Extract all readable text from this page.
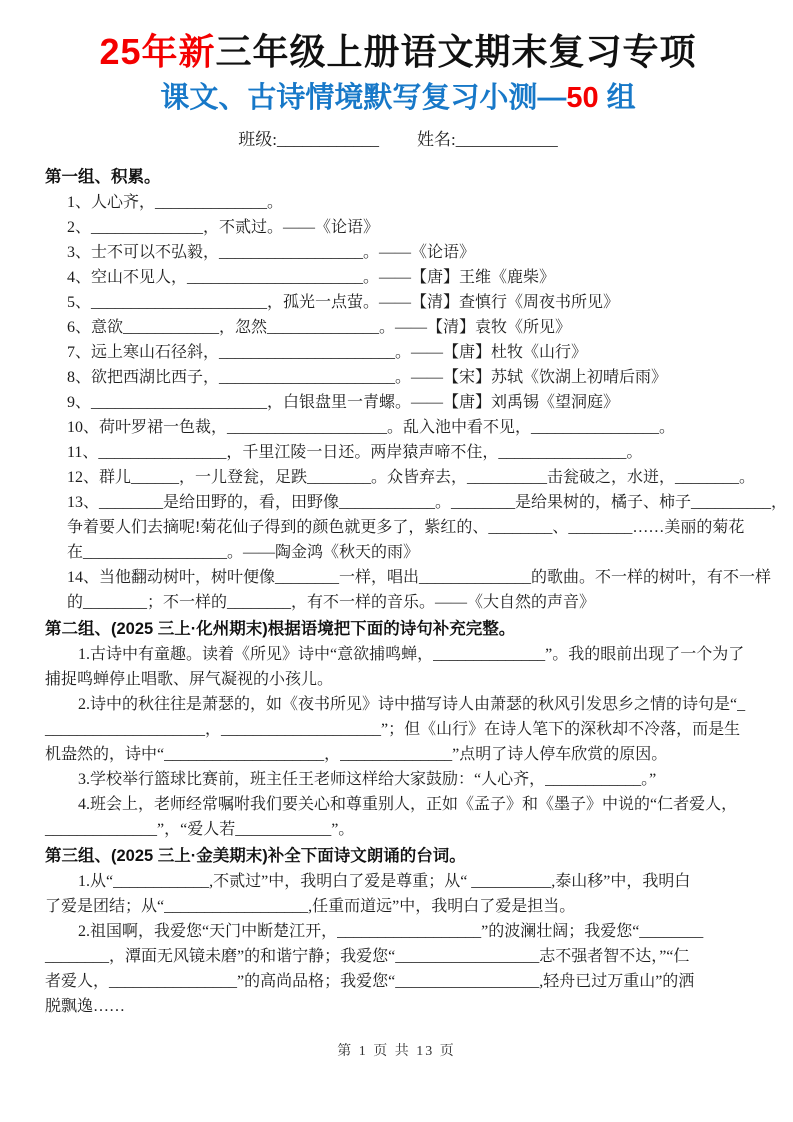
25年新三年级上册语文期末复习专项
课文、古诗情境默写复习小测—50 组
班级:____________ 姓名:____________
第一组、积累。
1、人心齐，______________。
2、______________，不贰过。——《论语》
3、士不可以不弘毅，__________________。——《论语》
4、空山不见人，______________________。——【唐】王维《鹿柴》
5、______________________，孤光一点萤。——【清】查慎行《周夜书所见》
6、意欲____________，忽然______________。——【清】袁牧《所见》
7、远上寒山石径斜，______________________。——【唐】杜牧《山行》
8、欲把西湖比西子，______________________。——【宋】苏轼《饮湖上初晴后雨》
9、______________________，白银盘里一青螺。——【唐】刘禹锡《望洞庭》
10、荷叶罗裙一色裁，____________________。乱入池中看不见，________________。
11、________________，千里江陵一日还。两岸猿声啼不住，________________。
12、群儿______，一儿登瓮，足跌________。众皆弃去，__________击瓮破之，水迸，________。
13、________是给田野的，看，田野像____________。________是给果树的，橘子、柿子__________，
争着要人们去摘呢!菊花仙子得到的颜色就更多了，紫红的、________、________……美丽的菊花
在__________________。——陶金鸿《秋天的雨》
14、当他翻动树叶，树叶便像________一样，唱出______________的歌曲。不一样的树叶，有不一样
的________；不一样的________，有不一样的音乐。——《大自然的声音》
第二组、(2025 三上·化州期末)根据语境把下面的诗句补充完整。
1.古诗中有童趣。读着《所见》诗中“意欲捕鸣蝉，______________”。我的眼前出现了一个为了
捕捉鸣蝉停止唱歌、屏气凝视的小孩儿。
2.诗中的秋往往是萧瑟的，如《夜书所见》诗中描写诗人由萧瑟的秋风引发思乡之情的诗句是“_
____________________，____________________”；但《山行》在诗人笔下的深秋却不冷落，而是生
机盎然的，诗中“____________________，______________”点明了诗人停车欣赏的原因。
3.学校举行篮球比赛前，班主任王老师这样给大家鼓励：“人心齐，____________。”
4.班会上，老师经常嘱咐我们要关心和尊重别人，正如《孟子》和《墨子》中说的“仁者爱人，
______________”，“爱人若____________”。
第三组、(2025 三上·金美期末)补全下面诗文朗诵的台词。
1.从“____________,不贰过”中，我明白了爱是尊重；从“ __________,泰山移”中，我明白
了爱是团结；从“__________________,任重而道远”中，我明白了爱是担当。
2.祖国啊，我爱您“天门中断楚江开，__________________”的波澜壮阔；我爱您“________
________，潭面无风镜未磨”的和谐宁静；我爱您“__________________志不强者智不达，”“仁
者爱人，________________”的高尚品格；我爱您“__________________,轻舟已过万重山”的洒
脱飘逸……
第 1 页 共 13 页
